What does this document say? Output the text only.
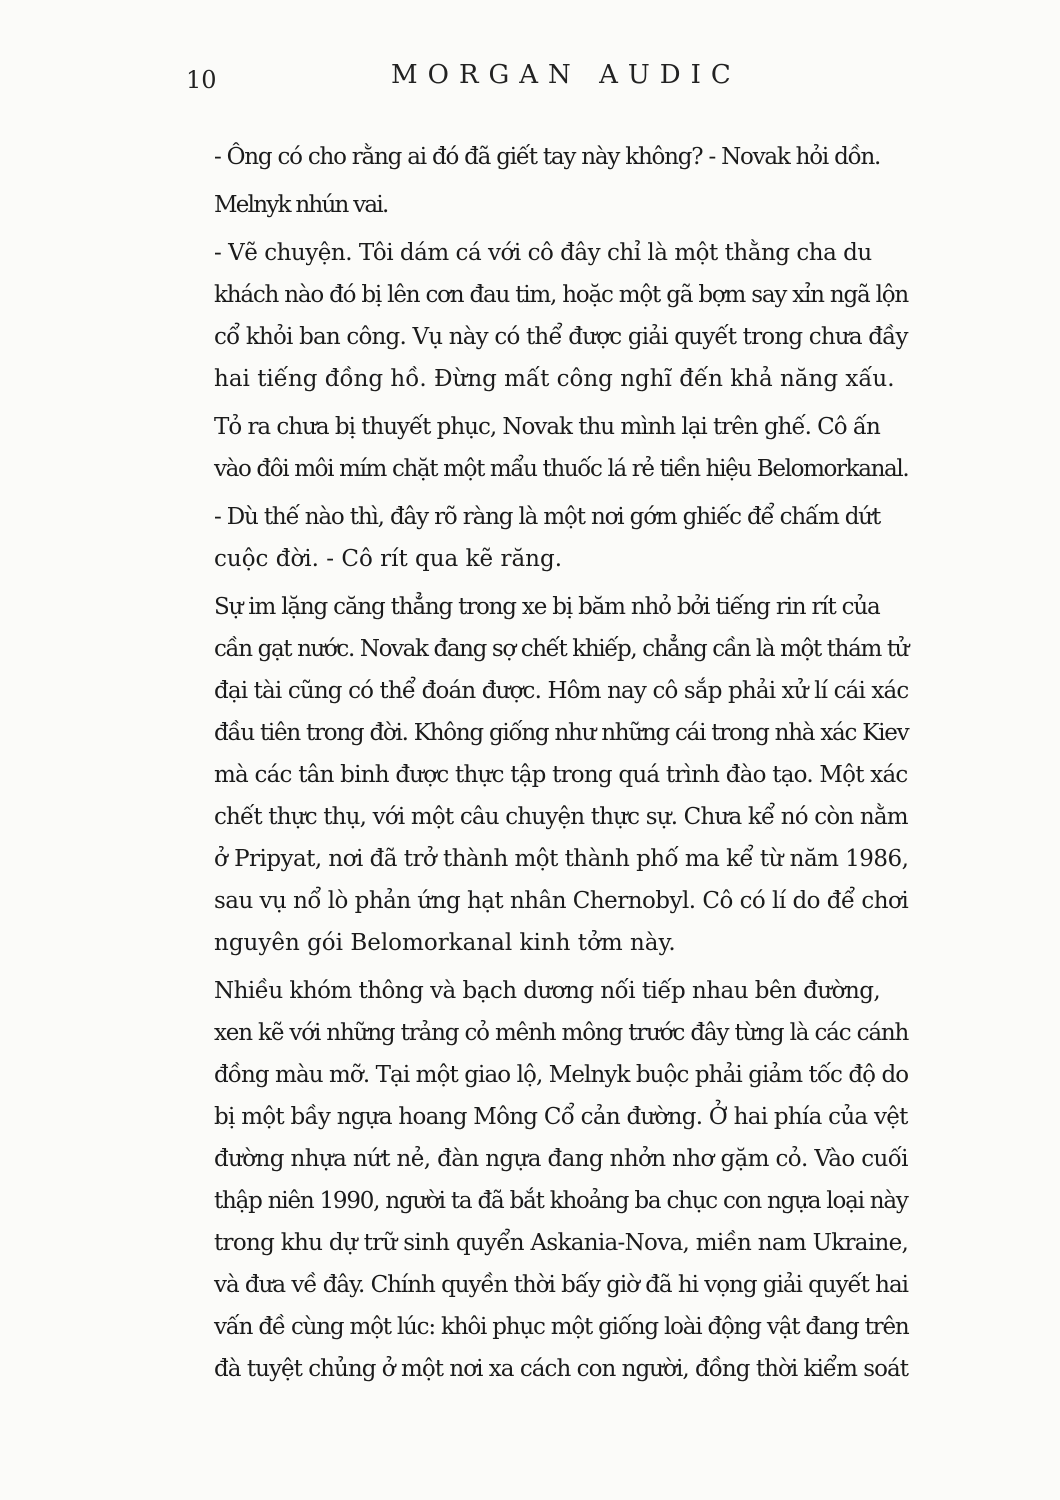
10	MORGAN AUDIC

- Ông có cho rằng ai đó đã giết tay này không? - Novak hỏi dồn.

Melnyk nhún vai.

- Vẽ chuyện. Tôi dám cá với cô đây chỉ là một thằng cha du
khách nào đó bị lên cơn đau tim, hoặc một gã bợm say xỉn ngã lộn
cổ khỏi ban công. Vụ này có thể được giải quyết trong chưa đầy
hai tiếng đồng hồ. Đừng mất công nghĩ đến khả năng xấu.

Tỏ ra chưa bị thuyết phục, Novak thu mình lại trên ghế. Cô ấn
vào đôi môi mím chặt một mẩu thuốc lá rẻ tiền hiệu Belomorkanal.

- Dù thế nào thì, đây rõ ràng là một nơi gớm ghiếc để chấm dứt
cuộc đời. - Cô rít qua kẽ răng.

Sự im lặng căng thẳng trong xe bị băm nhỏ bởi tiếng rin rít của
cần gạt nước. Novak đang sợ chết khiếp, chẳng cần là một thám tử
đại tài cũng có thể đoán được. Hôm nay cô sắp phải xử lí cái xác
đầu tiên trong đời. Không giống như những cái trong nhà xác Kiev
mà các tân binh được thực tập trong quá trình đào tạo. Một xác
chết thực thụ, với một câu chuyện thực sự. Chưa kể nó còn nằm
ở Pripyat, nơi đã trở thành một thành phố ma kể từ năm 1986,
sau vụ nổ lò phản ứng hạt nhân Chernobyl. Cô có lí do để chơi
nguyên gói Belomorkanal kinh tởm này.

Nhiều khóm thông và bạch dương nối tiếp nhau bên đường,
xen kẽ với những trảng cỏ mênh mông trước đây từng là các cánh
đồng màu mỡ. Tại một giao lộ, Melnyk buộc phải giảm tốc độ do
bị một bầy ngựa hoang Mông Cổ cản đường. Ở hai phía của vệt
đường nhựa nứt nẻ, đàn ngựa đang nhởn nhơ gặm cỏ. Vào cuối
thập niên 1990, người ta đã bắt khoảng ba chục con ngựa loại này
trong khu dự trữ sinh quyển Askania-Nova, miền nam Ukraine,
và đưa về đây. Chính quyền thời bấy giờ đã hi vọng giải quyết hai
vấn đề cùng một lúc: khôi phục một giống loài động vật đang trên
đà tuyệt chủng ở một nơi xa cách con người, đồng thời kiểm soát
